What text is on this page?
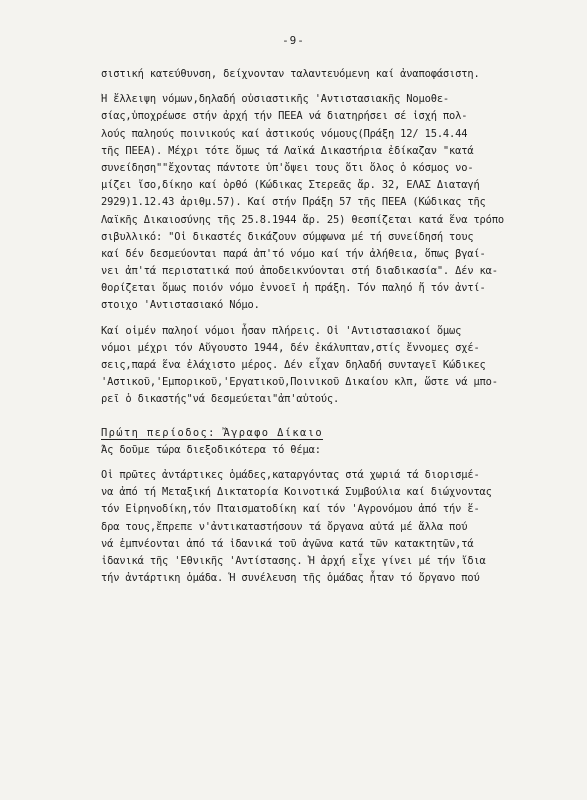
-9-
σιστική κατεύθυνση, δείχνονταν ταλαντευόμενη καί ἀναποφάσιστη.
Ἡ ἔλλειψη νόμων,δηλαδή οὐσιαστικῆς 'Αντιστασιακῆς Νομοθε-
σίας,ὑποχρέωσε στήν ἀρχή τήν ΠΕΕΑ νά διατηρήσει σέ ἰσχή πολ-
λούς παληούς ποινικούς καί ἀστικούς νόμους(Πράξη 12/ 15.4.44
τῆς ΠΕΕΑ). Μέχρι τότε ὅμως τά Λαϊκά Δικαστήρια ἐδίκαζαν "κατά
συνείδηση""ἔχοντας πάντοτε ὑπ'ὄψει τους ὅτι ὅλος ὁ κόσμος νο-
μίζει ἴσο,δίκηο καί ὀρθό (Κώδικας Στερεᾶς ἄρ. 32, ΕΛΑΣ Διαταγή
2929)1.12.43 ἀριθμ.57). Καί στήν Πράξη 57 τῆς ΠΕΕΑ (Κώδικας τῆς
Λαϊκῆς Δικαιοσύνης τῆς 25.8.1944 ἄρ. 25) θεσπίζεται κατά ἕνα τρόπο
σιβυλλικό: "Οἱ δικαστές δικάζουν σύμφωνα μέ τή συνείδησή τους
καί δέν δεσμεύονται παρά ἀπ'τό νόμο καί τήν ἀλήθεια, ὅπως βγαί-
νει ἀπ'τά περιστατικά πού ἀποδεικνύονται στή διαδικασία". Δέν κα-
θορίζεται ὅμως ποιόν νόμο ἐννοεῖ ἡ πράξη. Τόν παληό ἤ τόν ἀντί-
στοιχο 'Αντιστασιακό Νόμο.
Καί οἱμέν παληοί νόμοι ἦσαν πλήρεις. Οἱ 'Αντιστασιακοί ὅμως
νόμοι μέχρι τόν Αὔγουστο 1944, δέν ἐκάλυπταν,στίς ἔννομες σχέ-
σεις,παρά ἕνα ἐλάχιστο μέρος. Δέν εἶχαν δηλαδή συνταγεῖ Κώδικες
'Αστικοῦ,'Εμπορικοῦ,'Εργατικοῦ,Ποινικοῦ Δικαίου κλπ, ὥστε νά μπο-
ρεῖ ὁ δικαστής"νά δεσμεύεται"ἀπ'αὐτούς.
Πρώτη περίοδος: Ἄγραφο Δίκαιο
Ἄς δοῦμε τώρα διεξοδικότερα τό θέμα:
Οἱ πρῶτες ἀντάρτικες ὁμάδες,καταργόντας στά χωριά τά διορισμέ-
να ἀπό τή Μεταξική Δικτατορία Κοινοτικά Συμβούλια καί διώχνοντας
τόν Εἰρηνοδίκη,τόν Πταισματοδίκη καί τόν 'Αγρονόμου ἀπό τήν ἕ-
δρα τους,ἔπρεπε ν'ἀντικαταστήσουν τά ὄργανα αὐτά μέ ἄλλα πού
νά ἐμπνέονται ἀπό τά ἰδανικά τοῦ ἀγῶνα κατά τῶν κατακτητῶν,τά
ἰδανικά τῆς 'Εθνικῆς 'Αντίστασης. Ἡ ἀρχή εἶχε γίνει μέ τήν ἴδια
τήν ἀντάρτικη ὁμάδα. Ἡ συνέλευση τῆς ὁμάδας ἦταν τό ὄργανο πού
